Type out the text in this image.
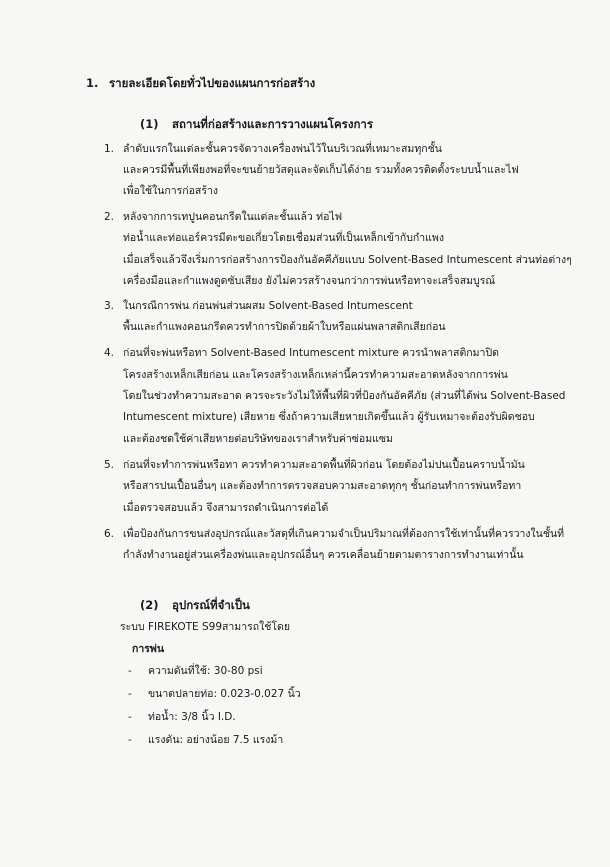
1. รายละเอียดโดยทั่วไปของแผนการก่อสร้าง
(1) สถานที่ก่อสร้างและการวางแผนโครงการ
1. ลำดับแรกในแต่ละชั้นควรจัดวางเครื่องพ่นไว้ในบริเวณที่เหมาะสมทุกชั้น
และควรมีพื้นที่เพียงพอที่จะขนย้ายวัสดุและจัดเก็บได้ง่าย รวมทั้งควรติดตั้งระบบน้ำและไฟ
เพื่อใช้ในการก่อสร้าง
2. หลังจากการเทปูนคอนกรีตในแต่ละชั้นแล้ว ท่อไฟ
ท่อน้ำและท่อแอร์ควรมีตะขอเกี่ยวโดยเชื่อมส่วนที่เป็นเหล็กเข้ากับกำแพง
เมื่อเสร็จแล้วจึงเริ่มการก่อสร้างการป้องกันอัคคีภัยแบบ Solvent-Based Intumescent ส่วนท่อต่างๆ
เครื่องมือและกำแพงดูดซับเสียง ยังไม่ควรสร้างจนกว่าการพ่นหรือทาจะเสร็จสมบูรณ์
3. ในกรณีการพ่น ก่อนพ่นส่วนผสม Solvent-Based Intumescent
พื้นและกำแพงคอนกรีตควรทำการปิดด้วยผ้าใบหรือแผ่นพลาสติกเสียก่อน
4. ก่อนที่จะพ่นหรือทา Solvent-Based Intumescent mixture ควรนำพลาสติกมาปิด
โครงสร้างเหล็กเสียก่อน และโครงสร้างเหล็กเหล่านี้ควรทำความสะอาดหลังจากการพ่น
โดยในช่วงทำความสะอาด ควรจะระวังไม่ให้พื้นที่ผิวที่ป้องกันอัคคีภัย (ส่วนที่ได้พ่น Solvent-Based
Intumescent mixture) เสียหาย ซึ่งถ้าความเสียหายเกิดขึ้นแล้ว ผู้รับเหมาจะต้องรับผิดชอบ
และต้องชดใช้ค่าเสียหายต่อบริษัทของเราสำหรับค่าซ่อมแซม
5. ก่อนที่จะทำการพ่นหรือทา ควรทำความสะอาดพื้นที่ผิวก่อน โดยต้องไม่ปนเปื้อนคราบน้ำมัน
หรือสารปนเปื้อนอื่นๆ และต้องทำการตรวจสอบความสะอาดทุกๆ ชั้นก่อนทำการพ่นหรือทา
เมื่อตรวจสอบแล้ว จึงสามารถดำเนินการต่อได้
6. เพื่อป้องกันการขนส่งอุปกรณ์และวัสดุที่เกินความจำเป็นปริมาณที่ต้องการใช้เท่านั้นที่ควรวางในชั้นที่
กำลังทำงานอยู่ส่วนเครื่องพ่นและอุปกรณ์อื่นๆ ควรเคลื่อนย้ายตามตารางการทำงานเท่านั้น
(2) อุปกรณ์ที่จำเป็น
ระบบ FIREKOTE S99สามารถใช้โดย
การพ่น
- ความดันที่ใช้: 30-80 psi
- ขนาดปลายท่อ: 0.023-0.027 นิ้ว
- ท่อน้ำ: 3/8 นิ้ว I.D.
- แรงดัน: อย่างน้อย 7.5 แรงม้า
